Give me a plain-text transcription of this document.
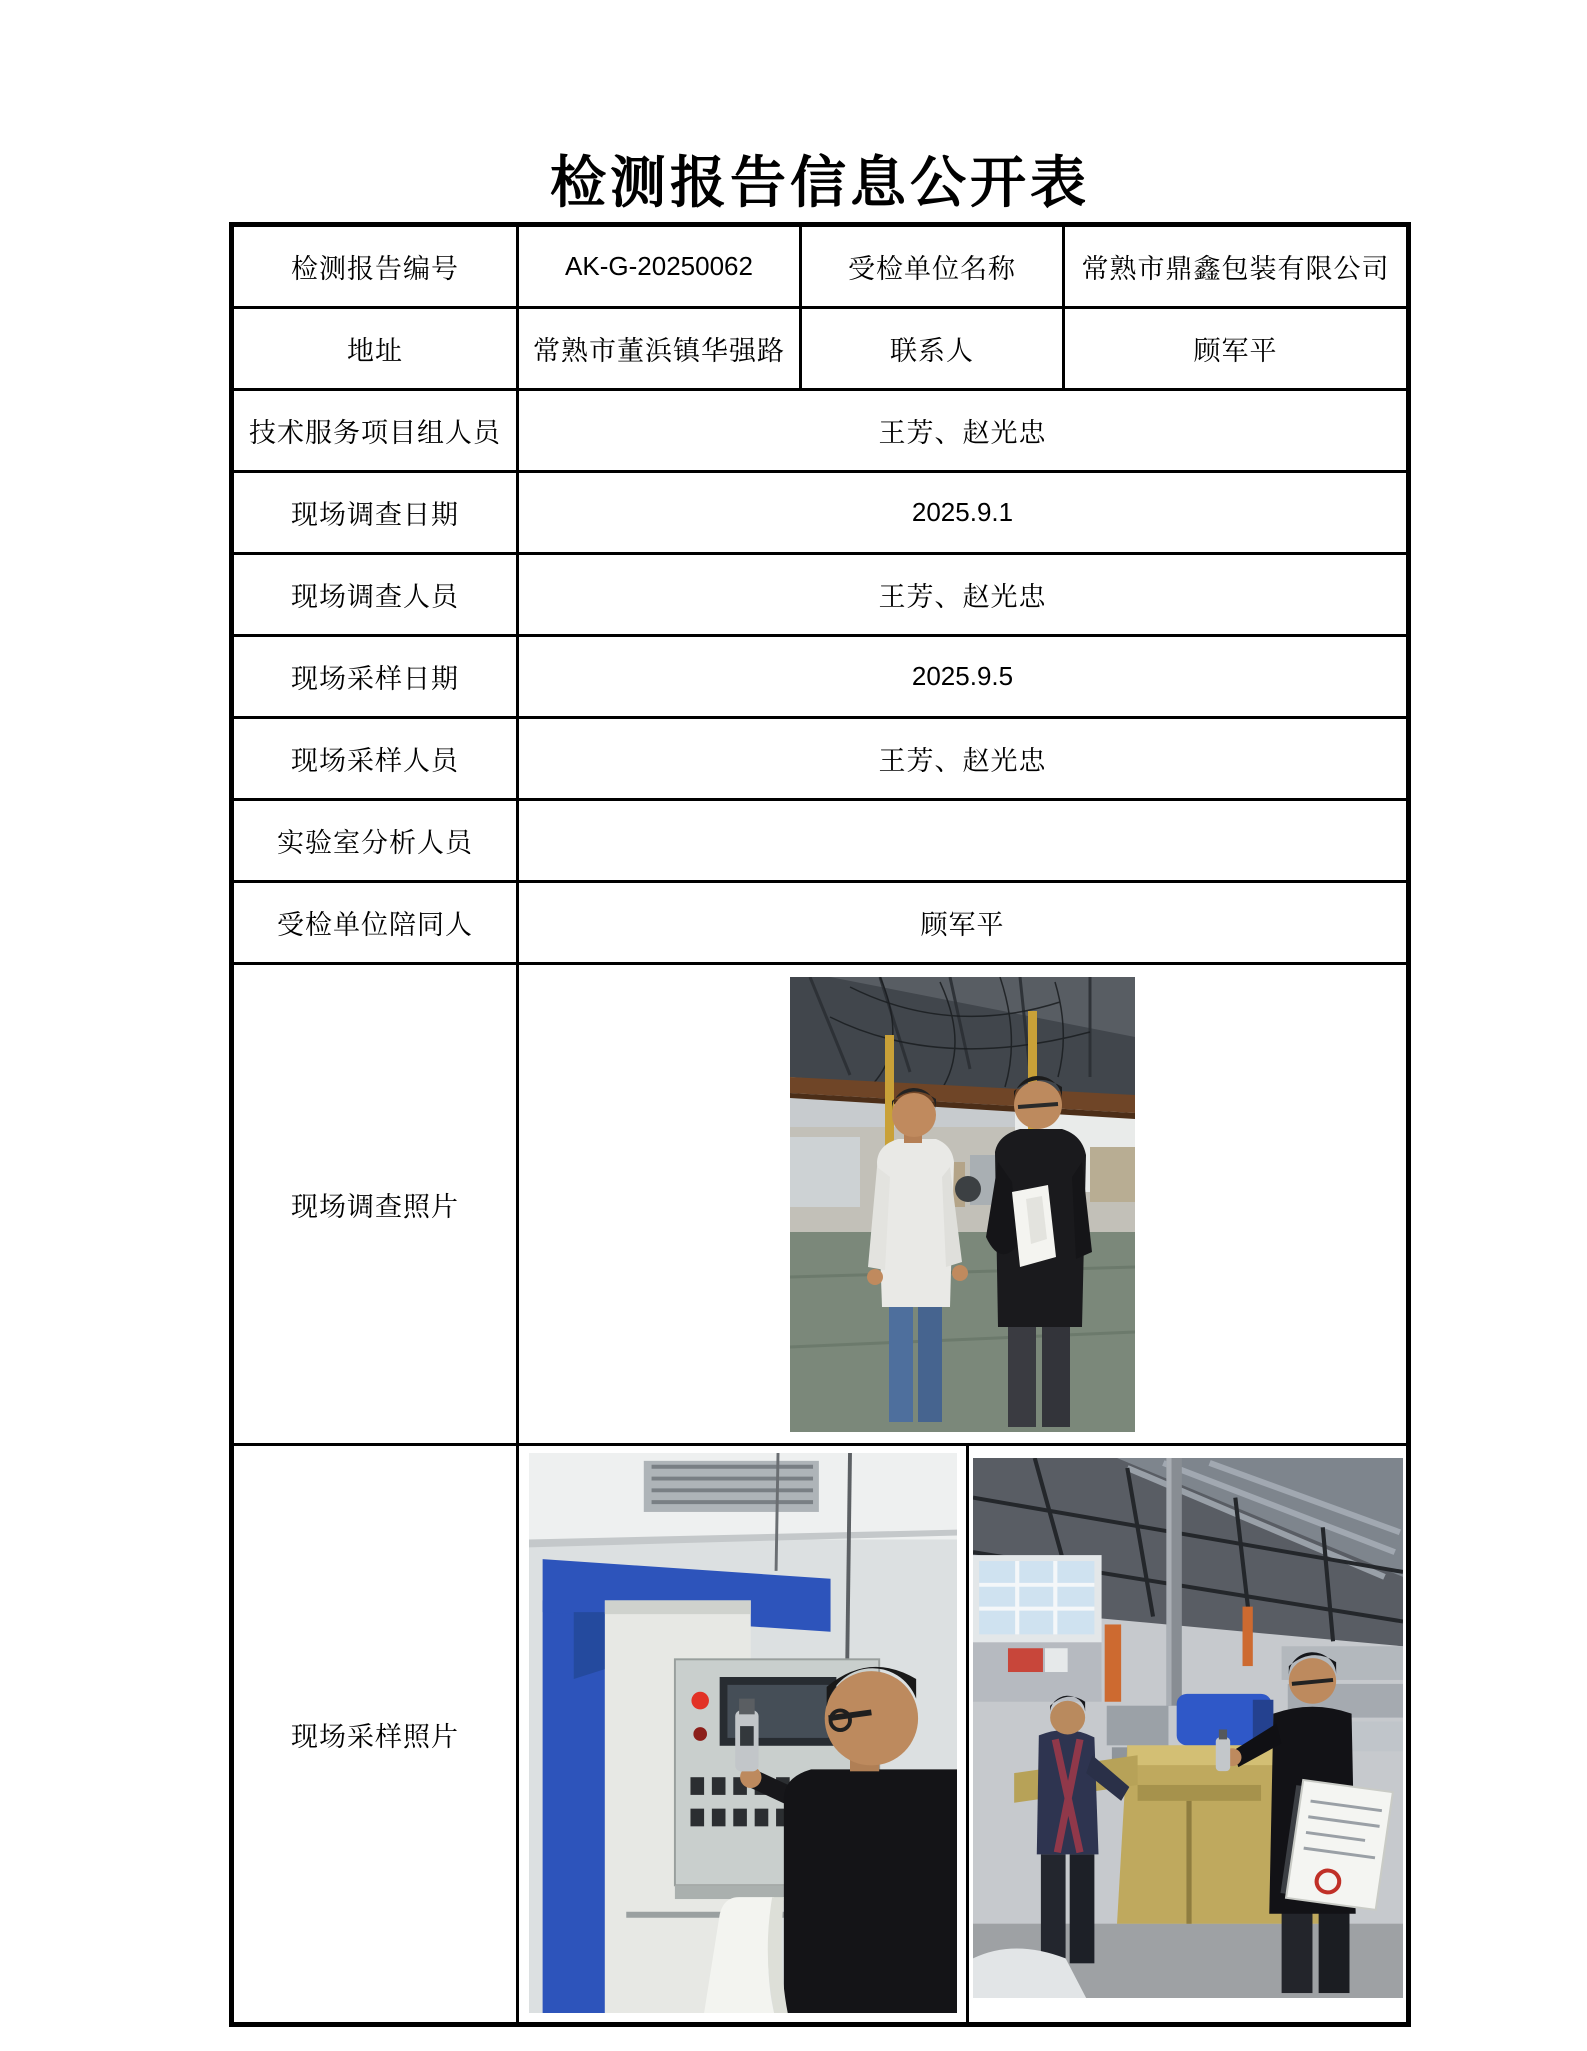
检测报告信息公开表
检测报告编号	AK-G-20250062	受检单位名称	常熟市鼎鑫包装有限公司
地址	常熟市董浜镇华强路	联系人	顾军平
技术服务项目组人员	王芳、赵光忠
现场调查日期	2025.9.1
现场调查人员	王芳、赵光忠
现场采样日期	2025.9.5
现场采样人员	王芳、赵光忠
实验室分析人员
受检单位陪同人	顾军平
现场调查照片
现场采样照片
